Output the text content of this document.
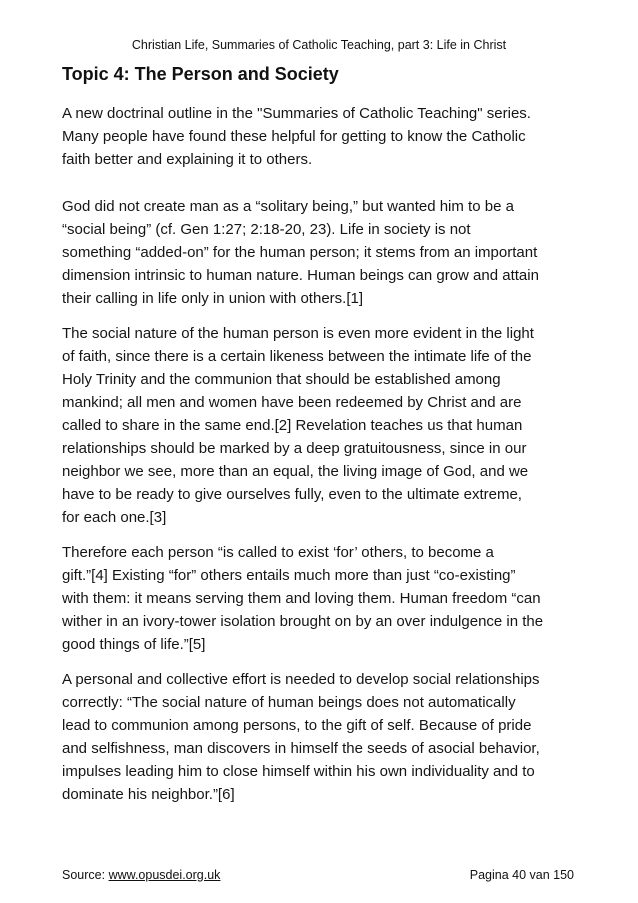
Christian Life, Summaries of Catholic Teaching, part 3: Life in Christ
Topic 4: The Person and Society

A new doctrinal outline in the "Summaries of Catholic Teaching" series.
Many people have found these helpful for getting to know the Catholic
faith better and explaining it to others.

God did not create man as a “solitary being,” but wanted him to be a
“social being” (cf. Gen 1:27; 2:18-20, 23). Life in society is not
something “added-on” for the human person; it stems from an important
dimension intrinsic to human nature. Human beings can grow and attain
their calling in life only in union with others.[1]

The social nature of the human person is even more evident in the light
of faith, since there is a certain likeness between the intimate life of the
Holy Trinity and the communion that should be established among
mankind; all men and women have been redeemed by Christ and are
called to share in the same end.[2] Revelation teaches us that human
relationships should be marked by a deep gratuitousness, since in our
neighbor we see, more than an equal, the living image of God, and we
have to be ready to give ourselves fully, even to the ultimate extreme,
for each one.[3]

Therefore each person “is called to exist ‘for’ others, to become a
gift.”[4] Existing “for” others entails much more than just “co-existing”
with them: it means serving them and loving them. Human freedom “can
wither in an ivory-tower isolation brought on by an over indulgence in the
good things of life.”[5]

A personal and collective effort is needed to develop social relationships
correctly: “The social nature of human beings does not automatically
lead to communion among persons, to the gift of self. Because of pride
and selfishness, man discovers in himself the seeds of asocial behavior,
impulses leading him to close himself within his own individuality and to
dominate his neighbor.”[6]

Source: www.opusdei.org.uk	Pagina 40 van 150
